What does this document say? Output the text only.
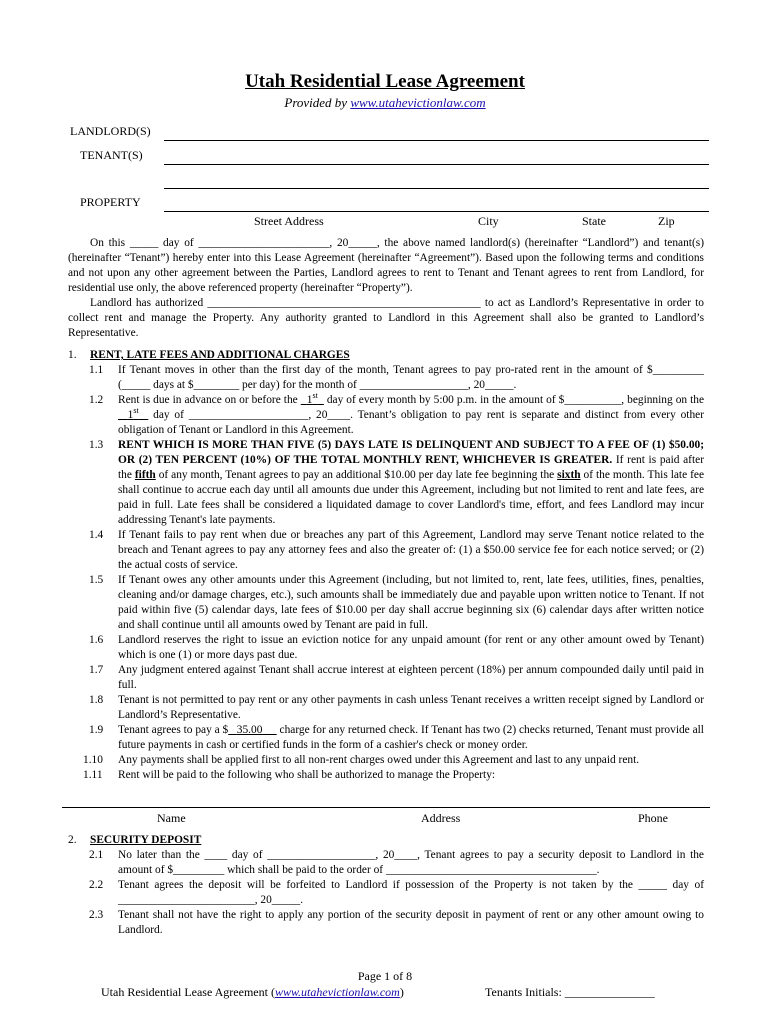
Utah Residential Lease Agreement
Provided by www.utahevictionlaw.com
LANDLORD(S)
TENANT(S)
PROPERTY
Street Address	City	State	Zip

On this _____ day of _______________________, 20_____, the above named landlord(s) (hereinafter “Landlord”) and tenant(s) (hereinafter “Tenant”) hereby enter into this Lease Agreement (hereinafter “Agreement”). Based upon the following terms and conditions and not upon any other agreement between the Parties, Landlord agrees to rent to Tenant and Tenant agrees to rent from Landlord, for residential use only, the above referenced property (hereinafter “Property”).

Landlord has authorized ________________________________________________ to act as Landlord’s Representative in order to collect rent and manage the Property. Any authority granted to Landlord in this Agreement shall also be granted to Landlord’s Representative.

1. RENT, LATE FEES AND ADDITIONAL CHARGES
1.1 If Tenant moves in other than the first day of the month, Tenant agrees to pay pro-rated rent in the amount of $_________ (_____ days at $________ per day) for the month of ___________________, 20_____.
1.2 Rent is due in advance on or before the 1st day of every month by 5:00 p.m. in the amount of $__________, beginning on the   1st day of _____________________, 20____. Tenant’s obligation to pay rent is separate and distinct from every other obligation of Tenant or Landlord in this Agreement.
1.3 RENT WHICH IS MORE THAN FIVE (5) DAYS LATE IS DELINQUENT AND SUBJECT TO A FEE OF (1) $50.00; OR (2) TEN PERCENT (10%) OF THE TOTAL MONTHLY RENT, WHICHEVER IS GREATER. If rent is paid after the fifth of any month, Tenant agrees to pay an additional $10.00 per day late fee beginning the sixth of the month. This late fee shall continue to accrue each day until all amounts due under this Agreement, including but not limited to rent and late fees, are paid in full. Late fees shall be considered a liquidated damage to cover Landlord's time, effort, and fees Landlord may incur addressing Tenant's late payments.
1.4 If Tenant fails to pay rent when due or breaches any part of this Agreement, Landlord may serve Tenant notice related to the breach and Tenant agrees to pay any attorney fees and also the greater of: (1) a $50.00 service fee for each notice served; or (2) the actual costs of service.
1.5 If Tenant owes any other amounts under this Agreement (including, but not limited to, rent, late fees, utilities, fines, penalties, cleaning and/or damage charges, etc.), such amounts shall be immediately due and payable upon written notice to Tenant. If not paid within five (5) calendar days, late fees of $10.00 per day shall accrue beginning six (6) calendar days after written notice and shall continue until all amounts owed by Tenant are paid in full.
1.6 Landlord reserves the right to issue an eviction notice for any unpaid amount (for rent or any other amount owed by Tenant) which is one (1) or more days past due.
1.7 Any judgment entered against Tenant shall accrue interest at eighteen percent (18%) per annum compounded daily until paid in full.
1.8 Tenant is not permitted to pay rent or any other payments in cash unless Tenant receives a written receipt signed by Landlord or Landlord’s Representative.
1.9 Tenant agrees to pay a $ 35.00 charge for any returned check. If Tenant has two (2) checks returned, Tenant must provide all future payments in cash or certified funds in the form of a cashier's check or money order.
1.10 Any payments shall be applied first to all non-rent charges owed under this Agreement and last to any unpaid rent.
1.11 Rent will be paid to the following who shall be authorized to manage the Property:
Name	Address	Phone
2. SECURITY DEPOSIT
2.1 No later than the ____ day of ___________________, 20____, Tenant agrees to pay a security deposit to Landlord in the amount of $_________ which shall be paid to the order of _____________________________________.
2.2 Tenant agrees the deposit will be forfeited to Landlord if possession of the Property is not taken by the _____ day of ________________________, 20_____.
2.3 Tenant shall not have the right to apply any portion of the security deposit in payment of rent or any other amount owing to Landlord.
Page 1 of 8
Utah Residential Lease Agreement (www.utahevictionlaw.com)	Tenants Initials: _______________
